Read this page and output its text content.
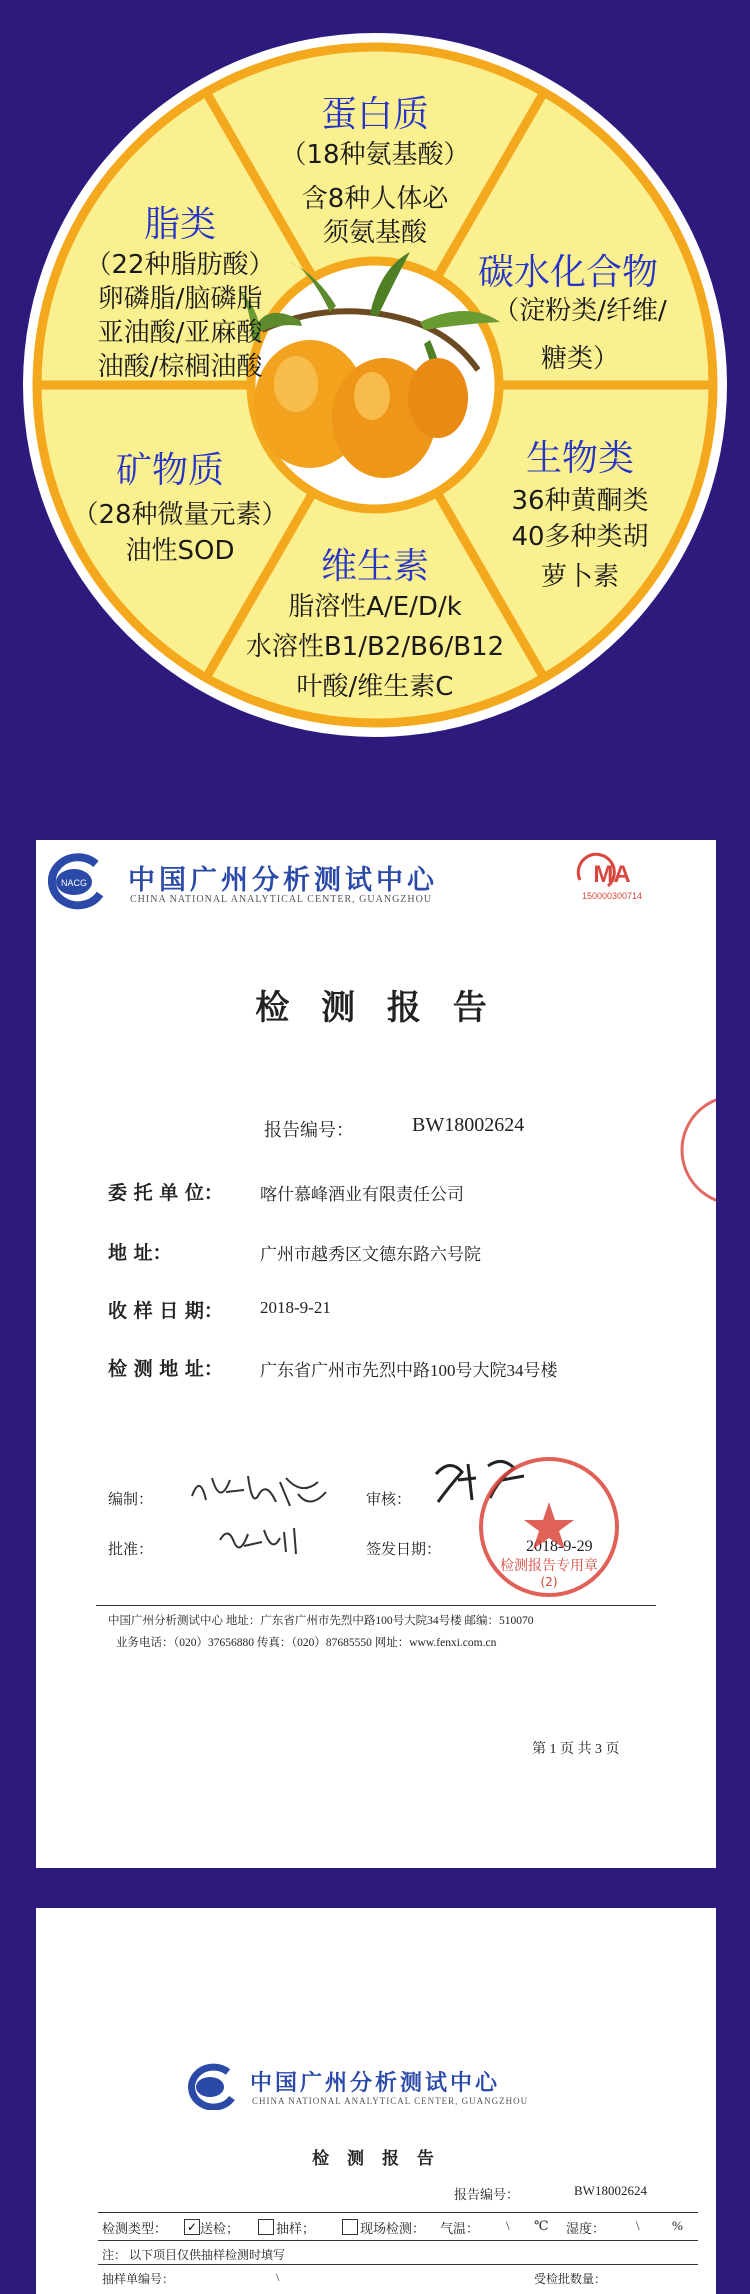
蛋白质
（18种氨基酸）
含8种人体必
须氨基酸
碳水化合物
（淀粉类/纤维/
糖类）
生物类
36种黄酮类
40多种类胡
萝卜素
维生素
脂溶性A/E/D/k
水溶性B1/B2/B6/B12
叶酸/维生素C
矿物质
（28种微量元素）
油性SOD
脂类
（22种脂肪酸）
卵磷脂/脑磷脂
亚油酸/亚麻酸
油酸/棕榈油酸
NACG 中国广州分析测试中心
CHINA NATIONAL ANALYTICAL CENTER, GUANGZHOU
MA
150000300714
检 测 报 告
报告编号：	BW18002624
委 托 单 位： 喀什慕峰酒业有限责任公司
地 址：	广州市越秀区文德东路六号院
收 样 日 期： 2018-9-21
检 测 地 址： 广东省广州市先烈中路100号大院34号楼
编制：	审核：
批准：	签发日期：	2018-9-29
检测报告专用章
(2)
中国广州分析测试中心 地址：广东省广州市先烈中路100号大院34号楼 邮编：510070
业务电话：（020）37656880 传真：（020）87685550 网址：www.fenxi.com.cn
第 1 页 共 3 页
中国广州分析测试中心
CHINA NATIONAL ANALYTICAL CENTER, GUANGZHOU
检 测 报 告
报告编号：	BW18002624
检测类型： ✓ 送检；	抽样；	现场检测： 气温： \ ℃ 湿度： \ %
注： 以下项目仅供抽样检测时填写
抽样单编号：	\	受检批数量：
